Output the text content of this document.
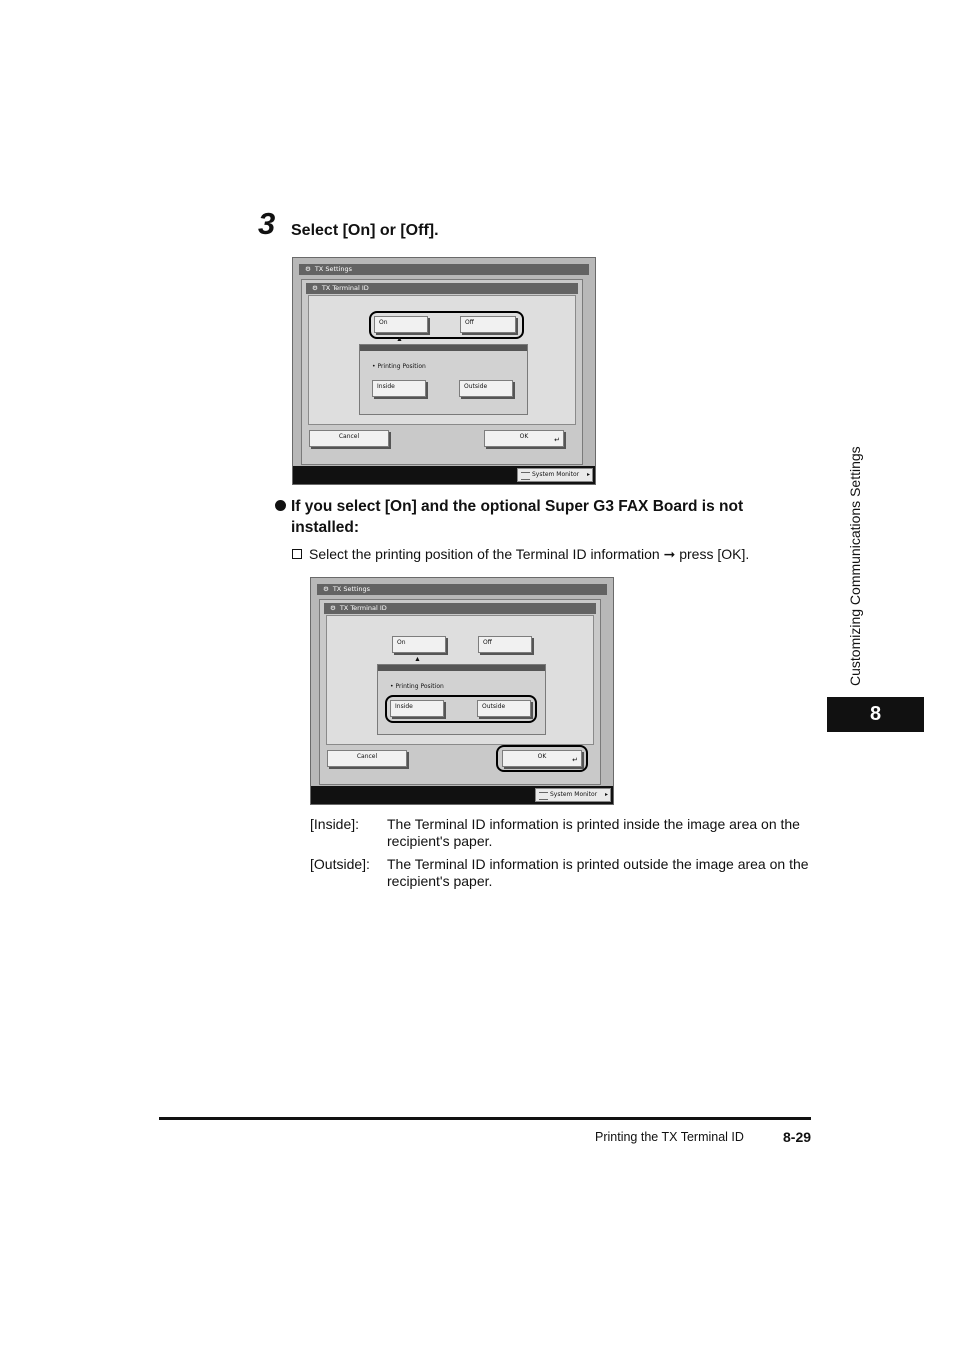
3 Select [On] or [Off].
⚙ TX Settings
⚙ TX Terminal ID
On	Off
▲
• Printing Position
Inside	Outside
Cancel	OK	↵
System Monitor ▸
If you select [On] and the optional Super G3 FAX Board is not installed:
Select the printing position of the Terminal ID information ➞ press [OK].
⚙ TX Settings
⚙ TX Terminal ID
On	Off
▲
• Printing Position
Inside	Outside
Cancel	OK	↵
System Monitor ▸
[Inside]: The Terminal ID information is printed inside the image area on the recipient's paper.
[Outside]: The Terminal ID information is printed outside the image area on the recipient's paper.
Printing the TX Terminal ID	8-29
Customizing Communications Settings
8
